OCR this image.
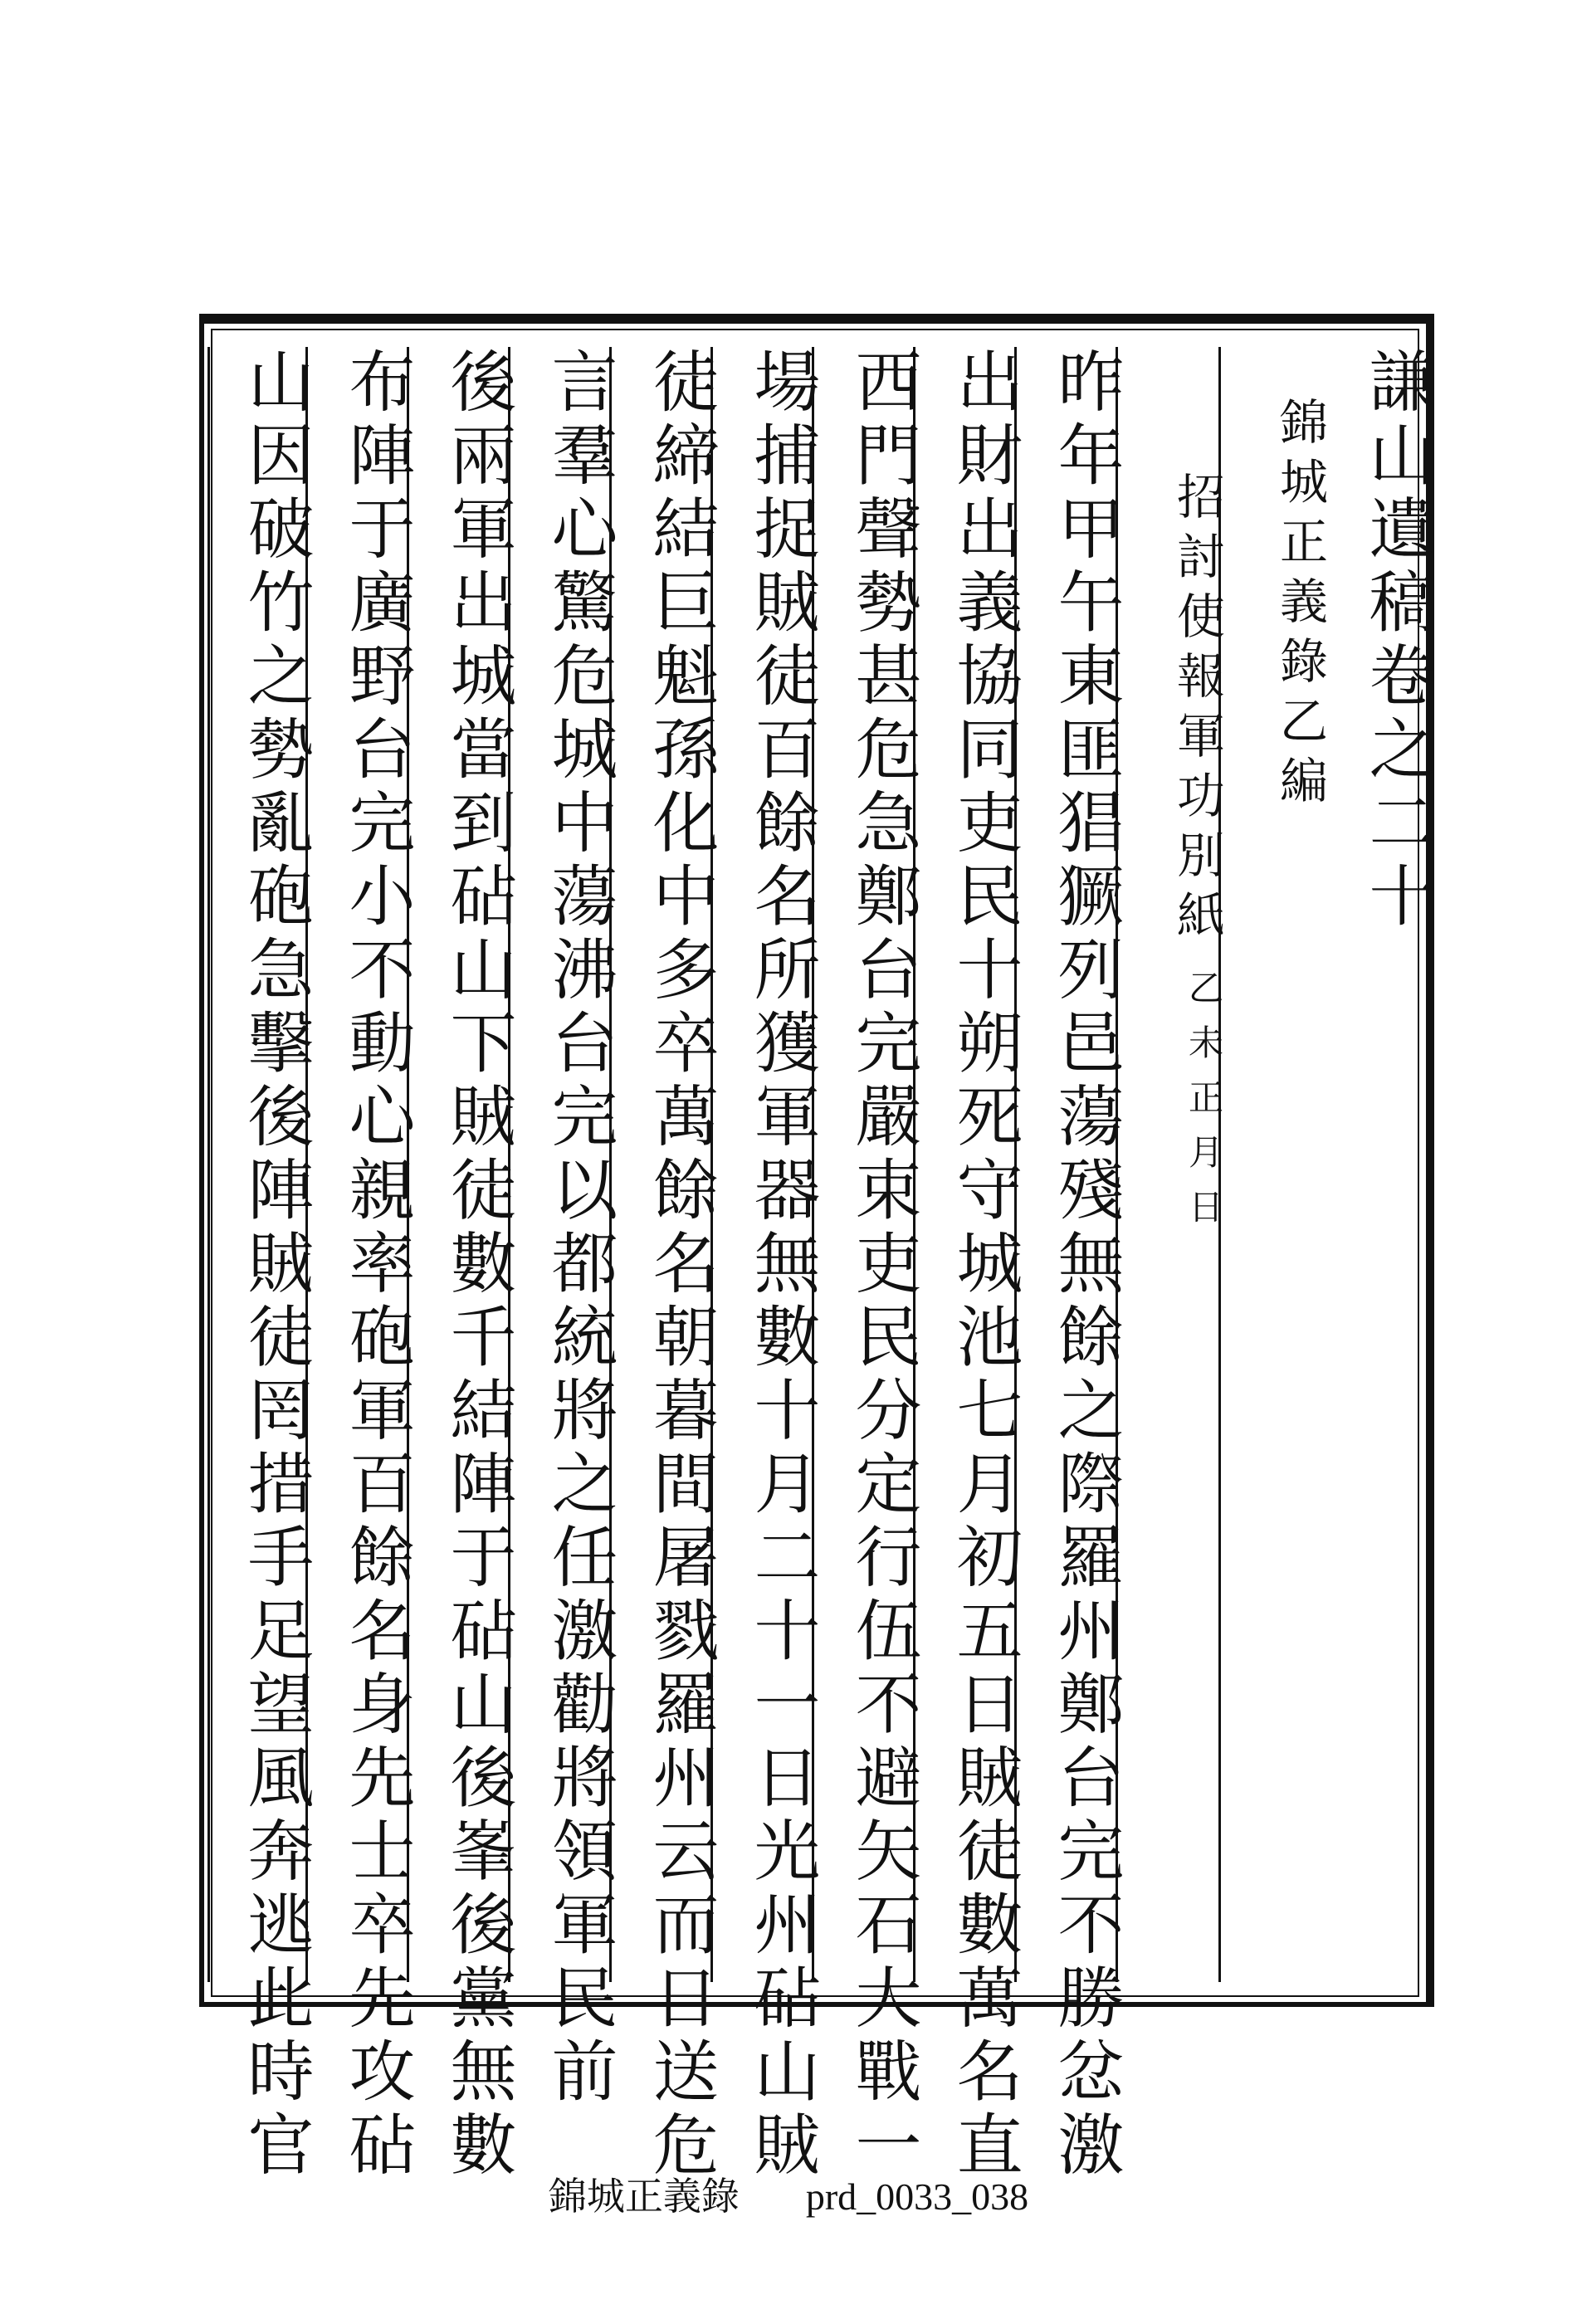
謙山遺稿卷之二十
錦城正義錄乙編
招討使報軍功別紙
乙未正月日
昨年甲午東匪猖獗列邑蕩殘無餘之際羅州鄭台完不勝忿激
出財出義協同吏民十朔死守城池七月初五日賊徒數萬名直
西門聲勢甚危急鄭台完嚴束吏民分定行伍不避矢石大戰一
場捕捉賊徒百餘名所獲軍器無數十月二十一日光州砧山賊
徒締結巨魁孫化中多卒萬餘名朝暮間屠戮羅州云而日送危
言羣心驚危城中蕩沸台完以都統將之任激勸將領軍民前
後兩軍出城當到砧山下賊徒數千結陣于砧山後峯後黨無數
布陣于廣野台完小不動心親率砲軍百餘名身先士卒先攻砧
山因破竹之勢亂砲急擊後陣賊徒罔措手足望風奔逃此時官
錦城正義錄 prd_0033_038
